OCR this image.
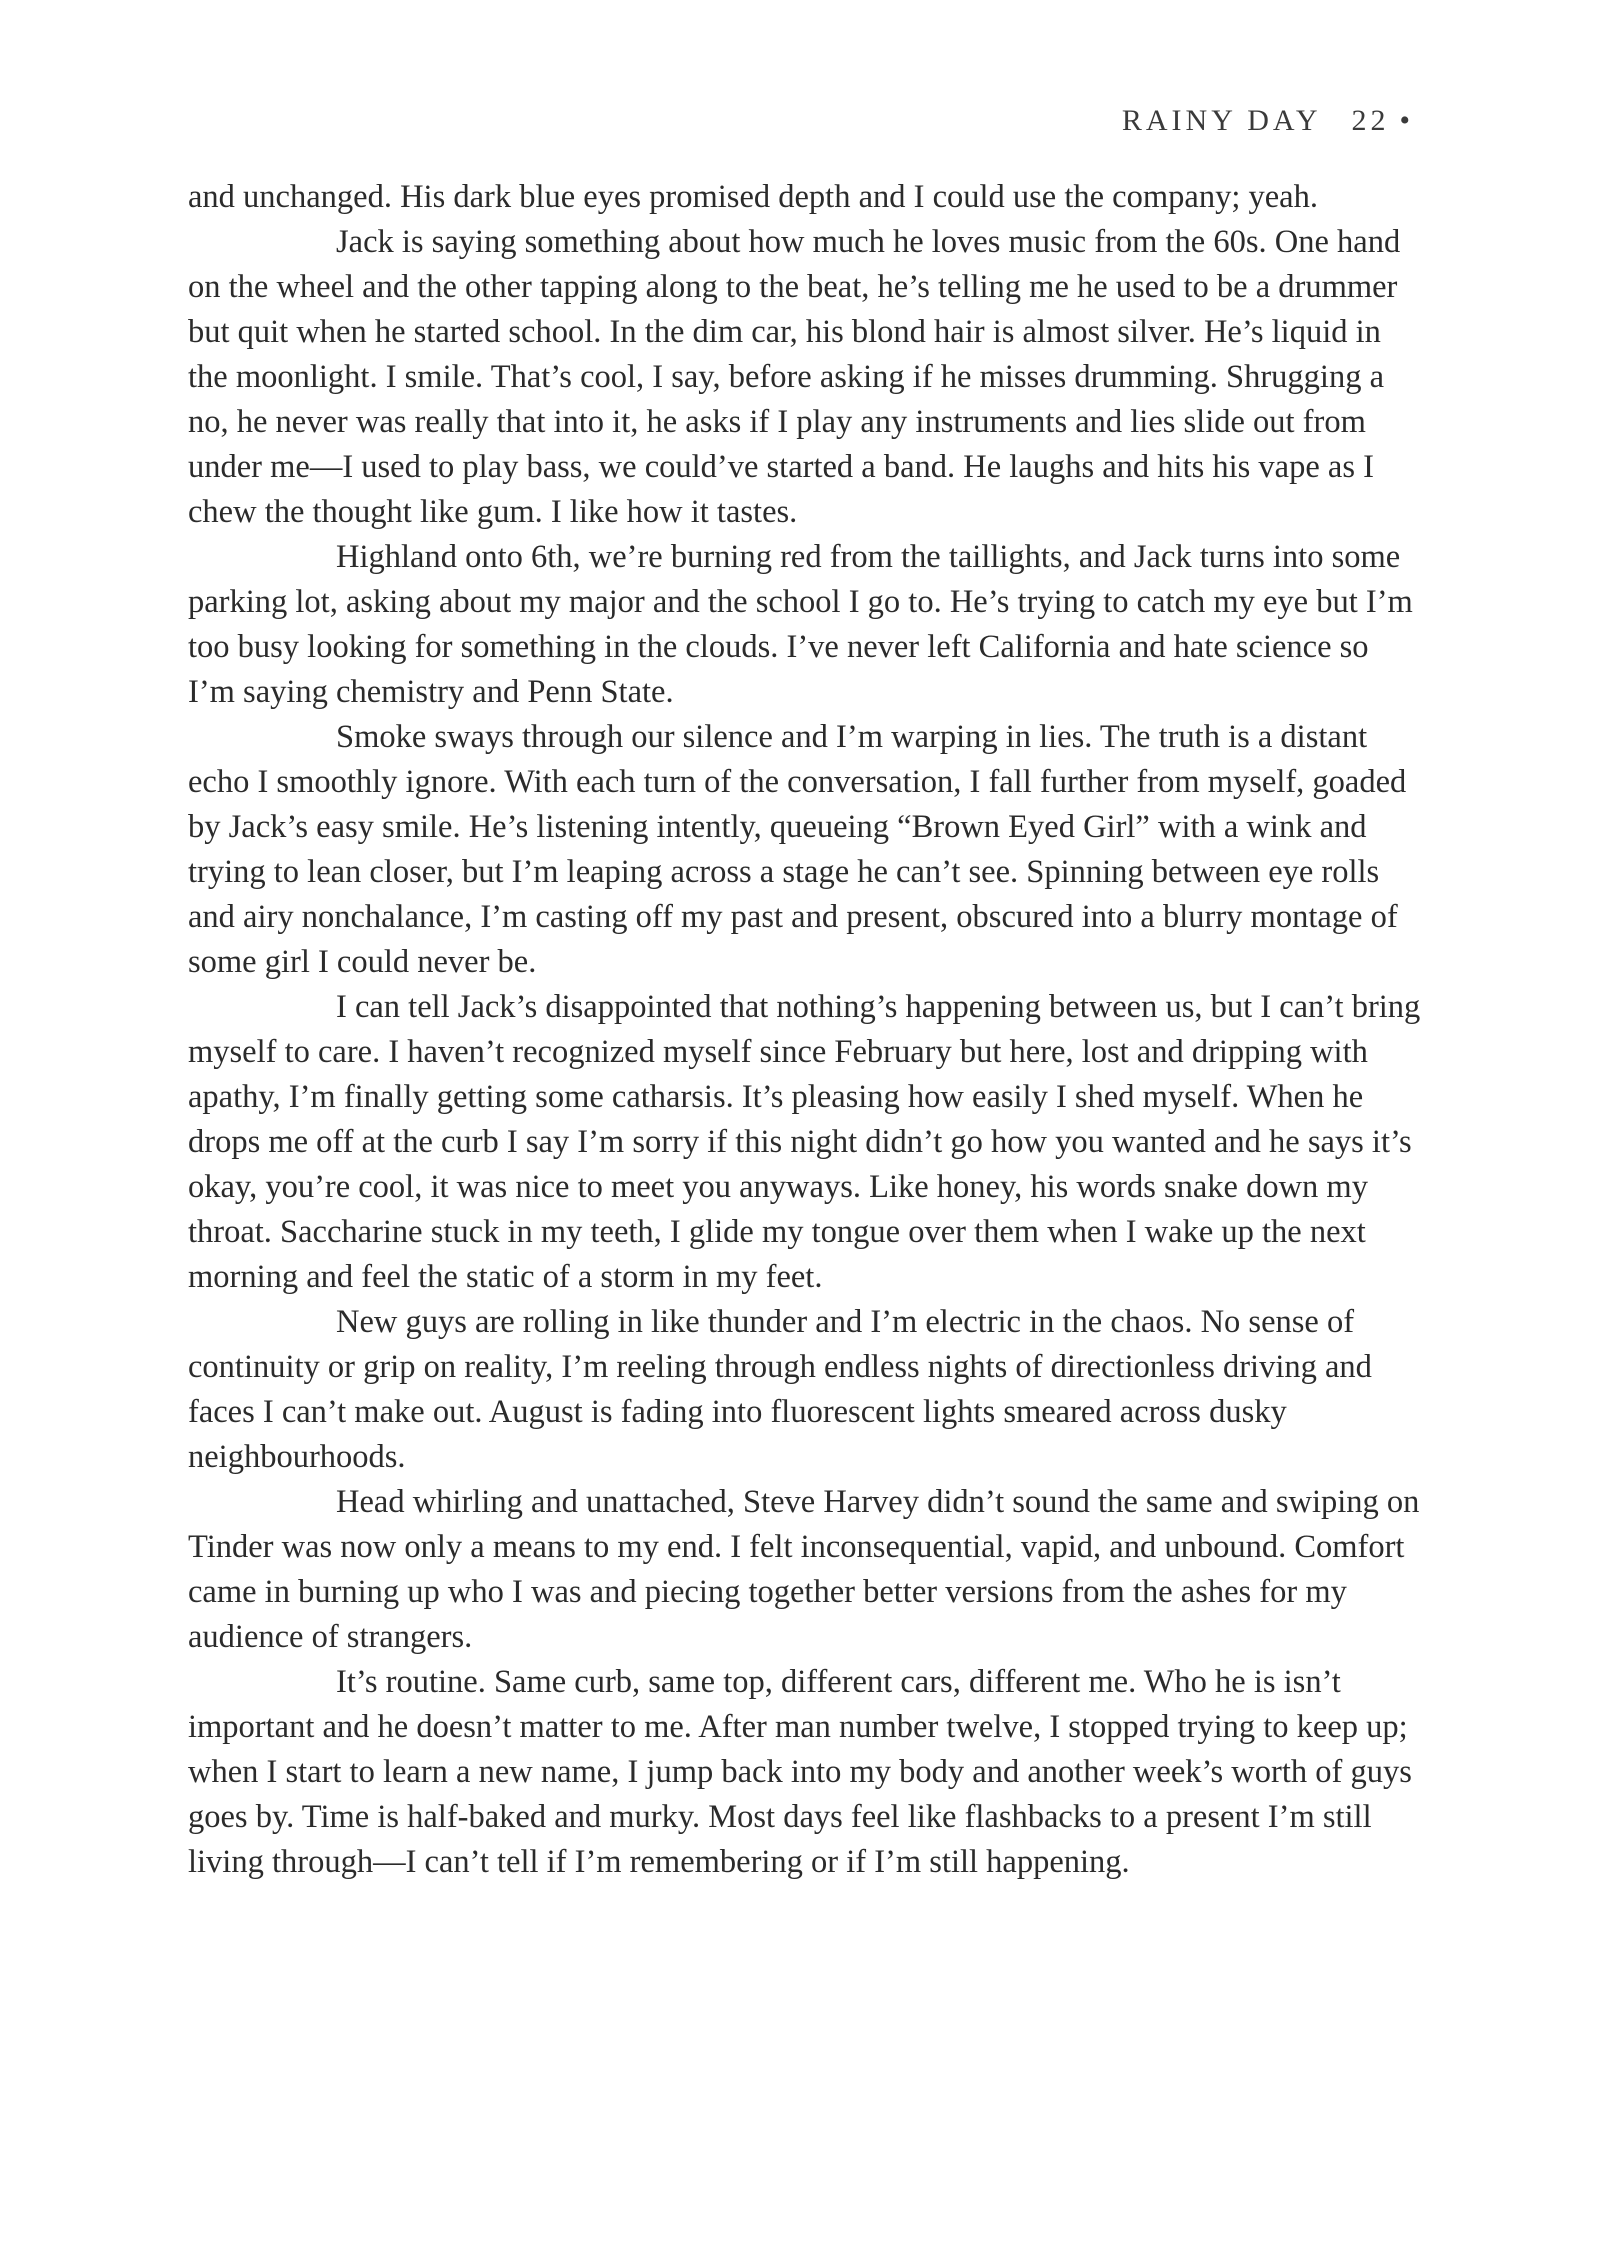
RAINY DAY 22 •

and unchanged. His dark blue eyes promised depth and I could use the company; yeah.

Jack is saying something about how much he loves music from the 60s. One hand on the wheel and the other tapping along to the beat, he’s telling me he used to be a drummer but quit when he started school. In the dim car, his blond hair is almost silver. He’s liquid in the moonlight. I smile. That’s cool, I say, before asking if he misses drumming. Shrugging a no, he never was really that into it, he asks if I play any instruments and lies slide out from under me—I used to play bass, we could’ve started a band. He laughs and hits his vape as I chew the thought like gum. I like how it tastes.

Highland onto 6th, we’re burning red from the taillights, and Jack turns into some parking lot, asking about my major and the school I go to. He’s trying to catch my eye but I’m too busy looking for something in the clouds. I’ve never left California and hate science so I’m saying chemistry and Penn State.

Smoke sways through our silence and I’m warping in lies. The truth is a distant echo I smoothly ignore. With each turn of the conversation, I fall further from myself, goaded by Jack’s easy smile. He’s listening intently, queueing “Brown Eyed Girl” with a wink and trying to lean closer, but I’m leaping across a stage he can’t see. Spinning between eye rolls and airy nonchalance, I’m casting off my past and present, obscured into a blurry montage of some girl I could never be.

I can tell Jack’s disappointed that nothing’s happening between us, but I can’t bring myself to care. I haven’t recognized myself since February but here, lost and dripping with apathy, I’m finally getting some catharsis. It’s pleasing how easily I shed myself. When he drops me off at the curb I say I’m sorry if this night didn’t go how you wanted and he says it’s okay, you’re cool, it was nice to meet you anyways. Like honey, his words snake down my throat. Saccharine stuck in my teeth, I glide my tongue over them when I wake up the next morning and feel the static of a storm in my feet.

New guys are rolling in like thunder and I’m electric in the chaos. No sense of continuity or grip on reality, I’m reeling through endless nights of directionless driving and faces I can’t make out. August is fading into fluorescent lights smeared across dusky neighbourhoods.

Head whirling and unattached, Steve Harvey didn’t sound the same and swiping on Tinder was now only a means to my end. I felt inconsequential, vapid, and unbound. Comfort came in burning up who I was and piecing together better versions from the ashes for my audience of strangers.

It’s routine. Same curb, same top, different cars, different me. Who he is isn’t important and he doesn’t matter to me. After man number twelve, I stopped trying to keep up; when I start to learn a new name, I jump back into my body and another week’s worth of guys goes by. Time is half-baked and murky. Most days feel like flashbacks to a present I’m still living through—I can’t tell if I’m remembering or if I’m still happening.
